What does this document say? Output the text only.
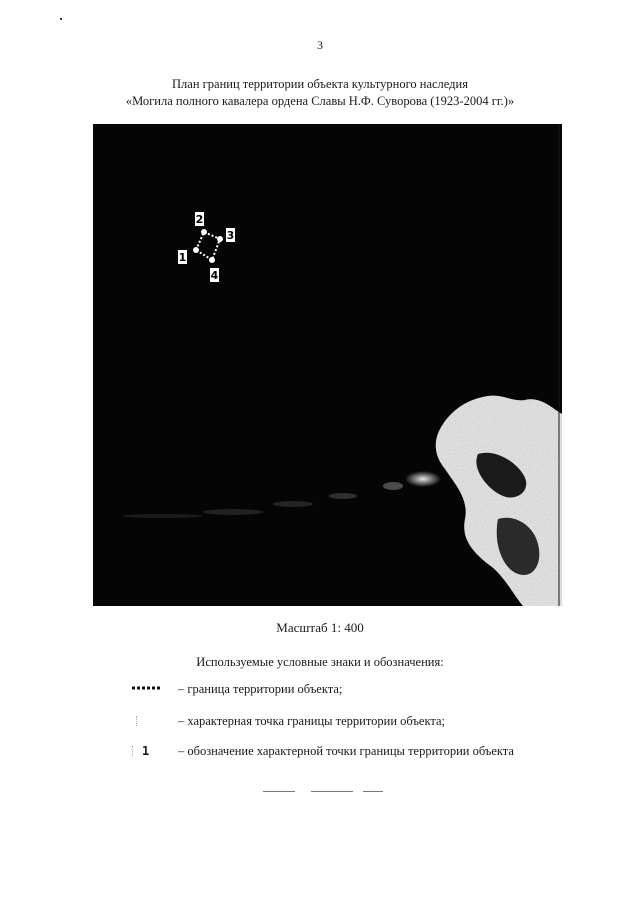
3
План границ территории объекта культурного наследия
«Могила полного кавалера ордена Славы Н.Ф. Суворова (1923-2004 гг.)»
1
2
3
4
Масштаб 1: 400
Используемые условные знаки и обозначения:
– граница территории объекта;
– характерная точка границы территории объекта;
1 – обозначение характерной точки границы территории объекта
